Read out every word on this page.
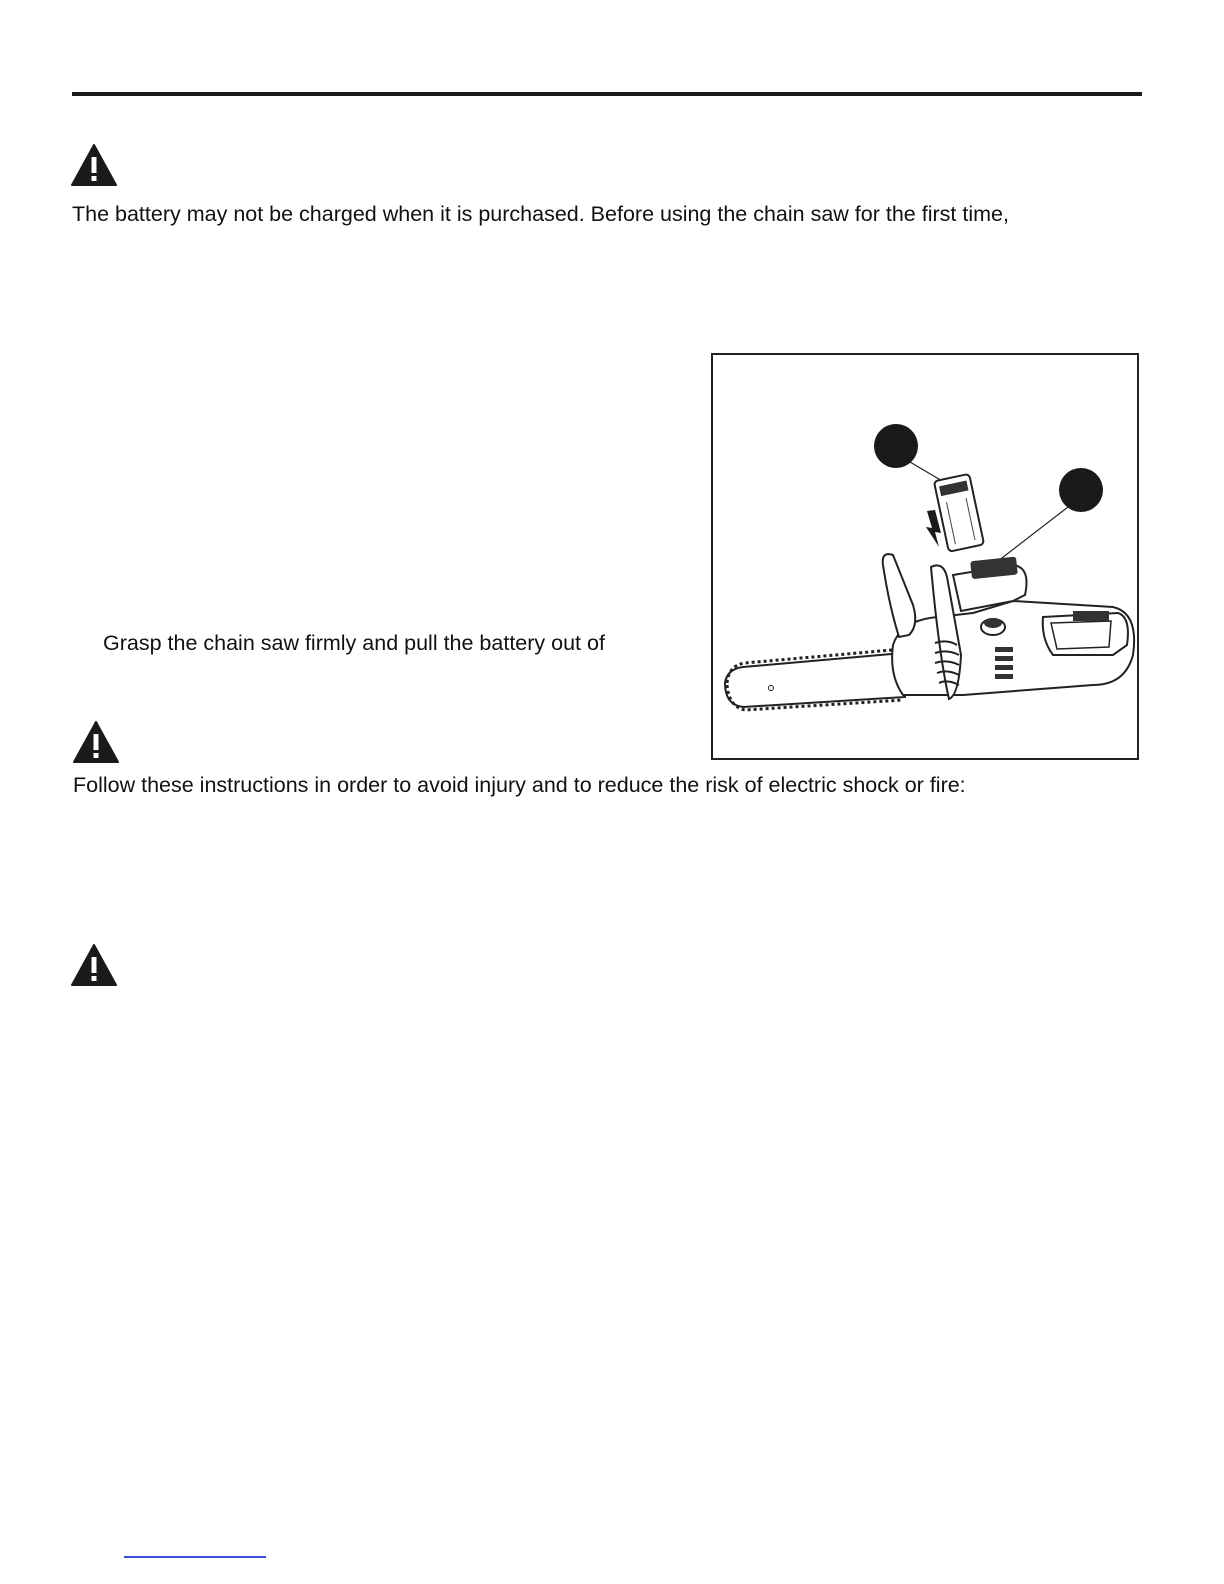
The battery may not be charged when it is purchased. Before using the chain saw for the first time,
Grasp the chain saw firmly and pull the battery out of
Follow these instructions in order to avoid injury and to reduce the risk of electric shock or fire:
